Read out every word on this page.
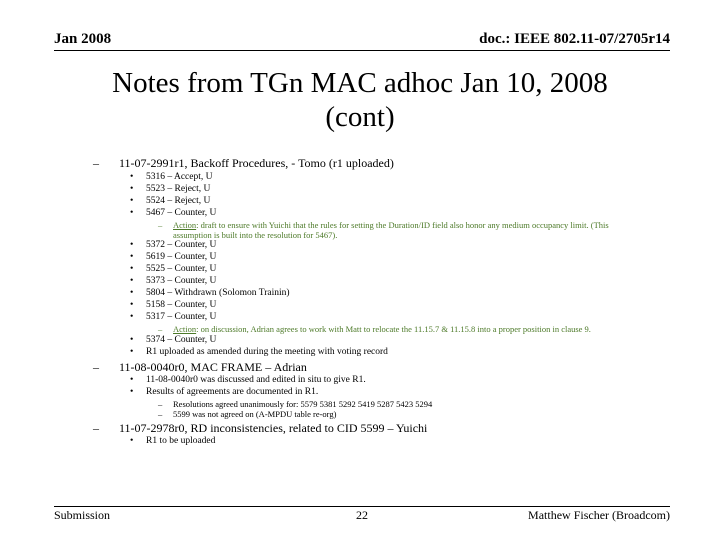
Jan 2008	doc.: IEEE 802.11-07/2705r14
Notes from TGn MAC adhoc Jan 10, 2008
(cont)
– 11-07-2991r1, Backoff Procedures, - Tomo (r1 uploaded)
• 5316 – Accept, U
• 5523 – Reject, U
• 5524 – Reject, U
• 5467 – Counter, U
– Action: draft to ensure with Yuichi that the rules for setting the Duration/ID field also honor any medium occupancy limit. (This
assumption is built into the resolution for 5467).
• 5372 – Counter, U
• 5619 – Counter, U
• 5525 – Counter, U
• 5373 – Counter, U
• 5804 – Withdrawn (Solomon Trainin)
• 5158 – Counter, U
• 5317 – Counter, U
– Action: on discussion, Adrian agrees to work with Matt to relocate the 11.15.7 & 11.15.8 into a proper position in clause 9.
• 5374 – Counter, U
• R1 uploaded as amended during the meeting with voting record
– 11-08-0040r0, MAC FRAME – Adrian
• 11-08-0040r0 was discussed and edited in situ to give R1.
• Results of agreements are documented in R1.
– Resolutions agreed unanimously for: 5579 5381 5292 5419 5287 5423 5294
– 5599 was not agreed on (A-MPDU table re-org)
– 11-07-2978r0, RD inconsistencies, related to CID 5599 – Yuichi
• R1 to be uploaded
Submission	22	Matthew Fischer (Broadcom)
